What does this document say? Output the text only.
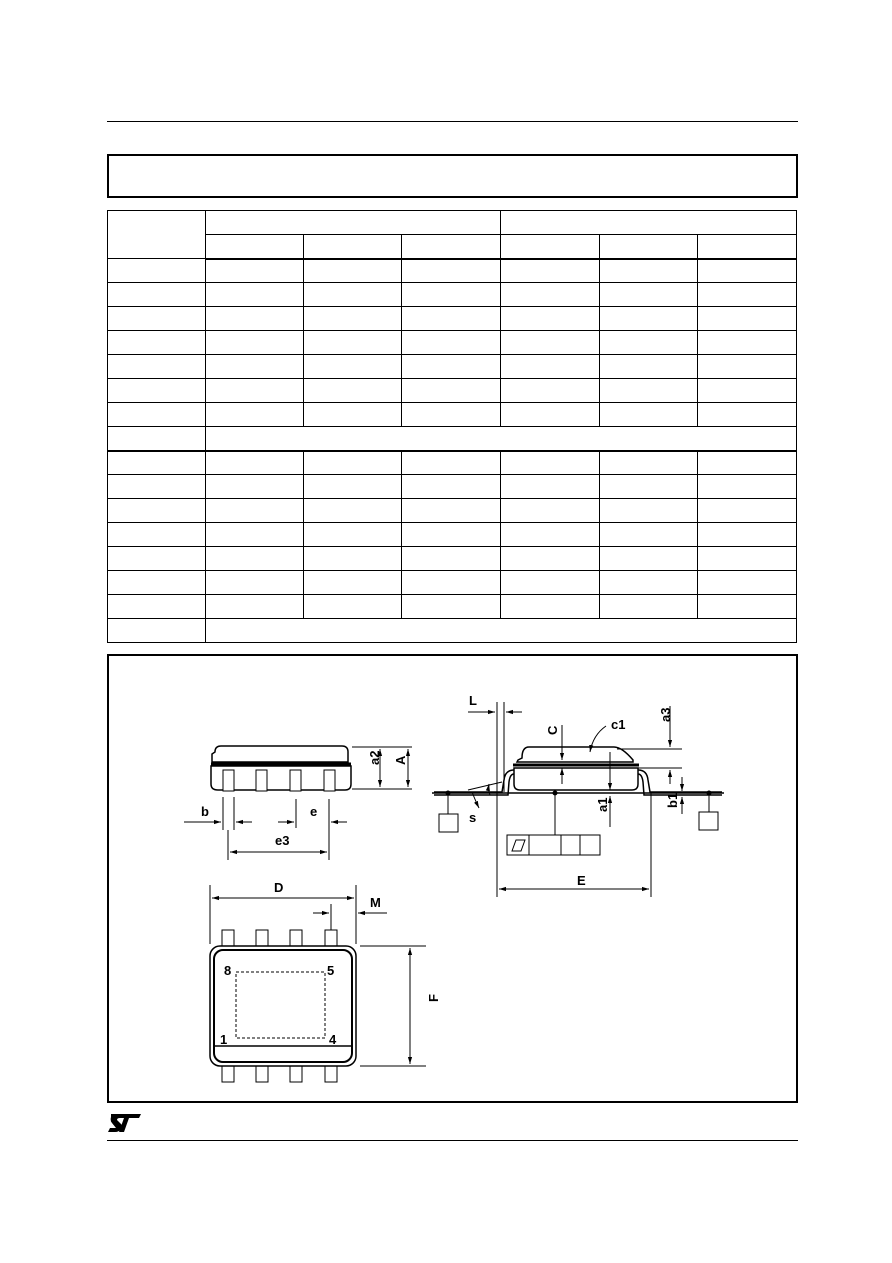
L
C	c1
a3
a2 A
b	e
e3
s
a1	b1
E
D
M
F
8	5
1	4
